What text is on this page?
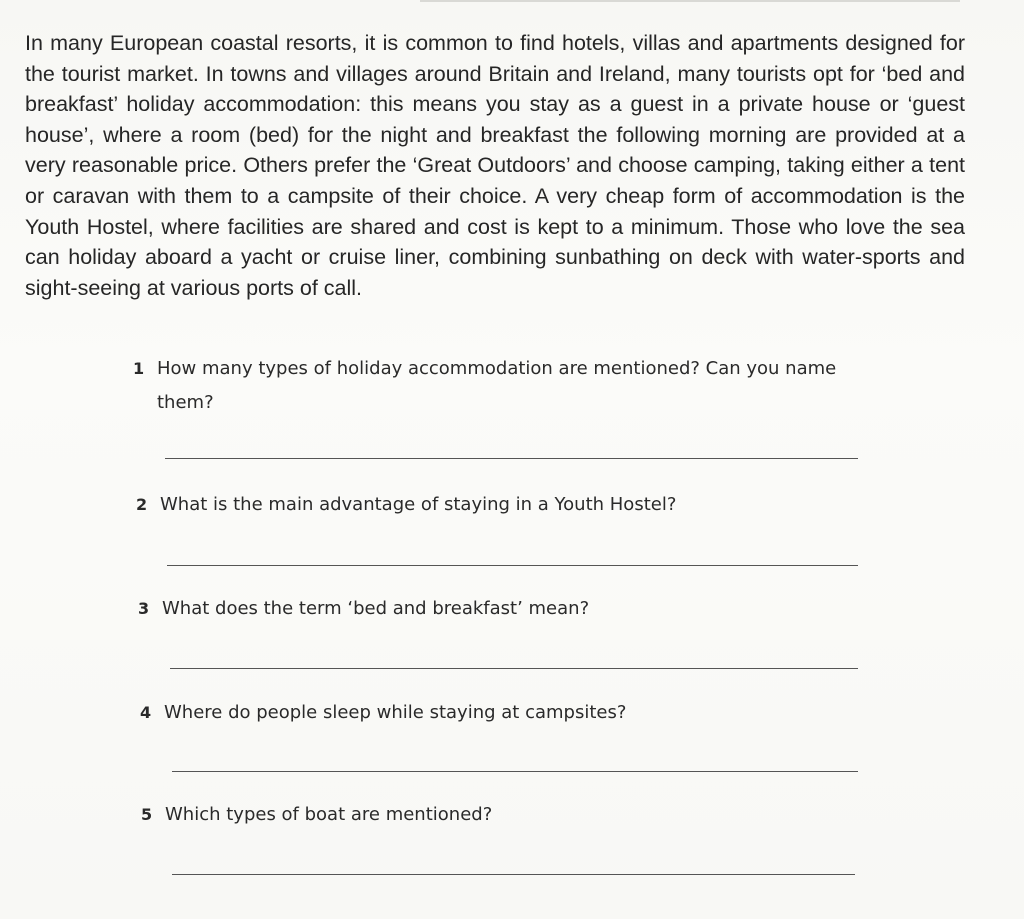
In many European coastal resorts, it is common to find hotels, villas and apartments designed for the tourist market. In towns and villages around Britain and Ireland, many tourists opt for ‘bed and breakfast’ holiday accommodation: this means you stay as a guest in a private house or ‘guest house’, where a room (bed) for the night and breakfast the following morning are provided at a very reasonable price. Others prefer the ‘Great Outdoors’ and choose camping, taking either a tent or caravan with them to a campsite of their choice. A very cheap form of accommodation is the Youth Hostel, where facilities are shared and cost is kept to a minimum. Those who love the sea can holiday aboard a yacht or cruise liner, combining sunbathing on deck with water-sports and sight-seeing at various ports of call.

1 How many types of holiday accommodation are mentioned? Can you name them?
2 What is the main advantage of staying in a Youth Hostel?
3 What does the term ‘bed and breakfast’ mean?
4 Where do people sleep while staying at campsites?
5 Which types of boat are mentioned?
